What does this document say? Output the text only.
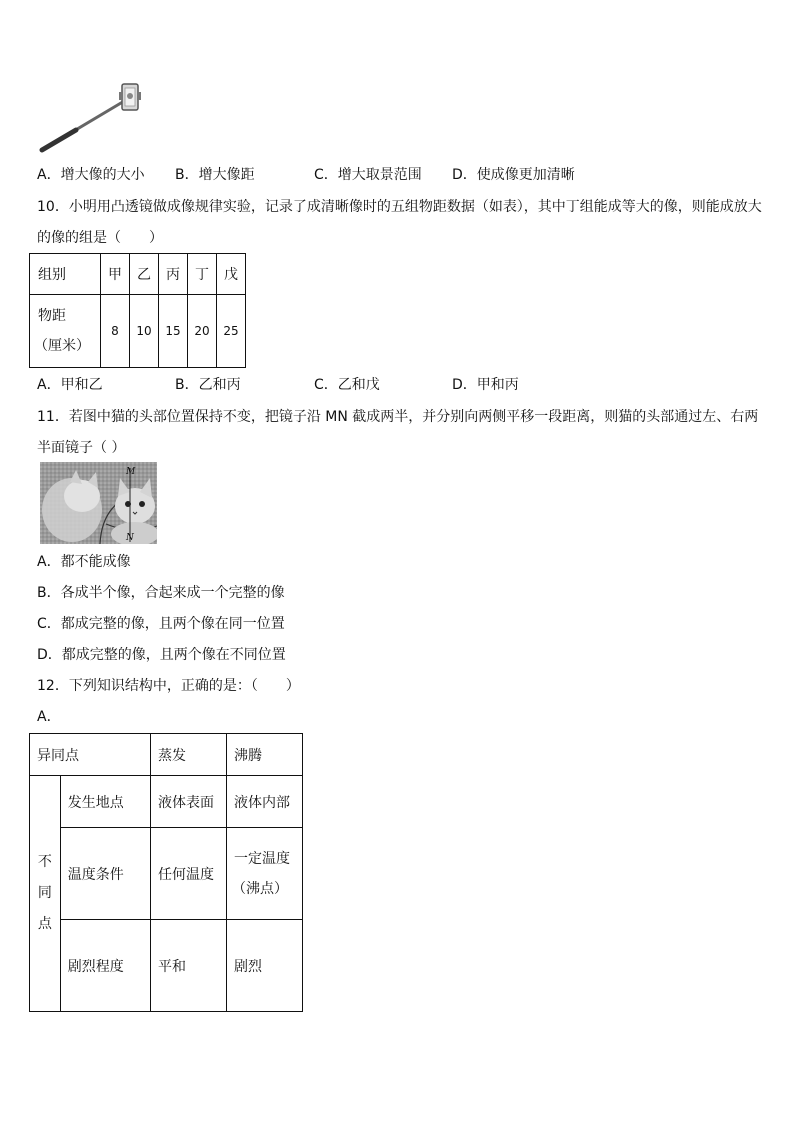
A．增大像的大小 B．增大像距	C．增大取景范围 D．使成像更加清晰
10．小明用凸透镜做成像规律实验，记录了成清晰像时的五组物距数据（如表），其中丁组能成等大的像，则能成放大
的像的组是（　　）
组别	甲	乙	丙	丁	戊

物距
（厘米）	8	10	15	20	25
A．甲和乙	B．乙和丙	C．乙和戊	D．甲和丙
11．若图中猫的头部位置保持不变，把镜子沿 MN 截成两半，并分别向两侧平移一段距离，则猫的头部通过左、右两
半面镜子（ ）
M
N
A．都不能成像
B．各成半个像，合起来成一个完整的像
C．都成完整的像，且两个像在同一位置
D．都成完整的像，且两个像在不同位置
12．下列知识结构中，正确的是：（　　）
A．
异同点		蒸发	沸腾

不
同
点	发生地点	液体表面	液体内部
	温度条件	任何温度	一定温度
（沸点）

	剧烈程度	平和	剧烈
